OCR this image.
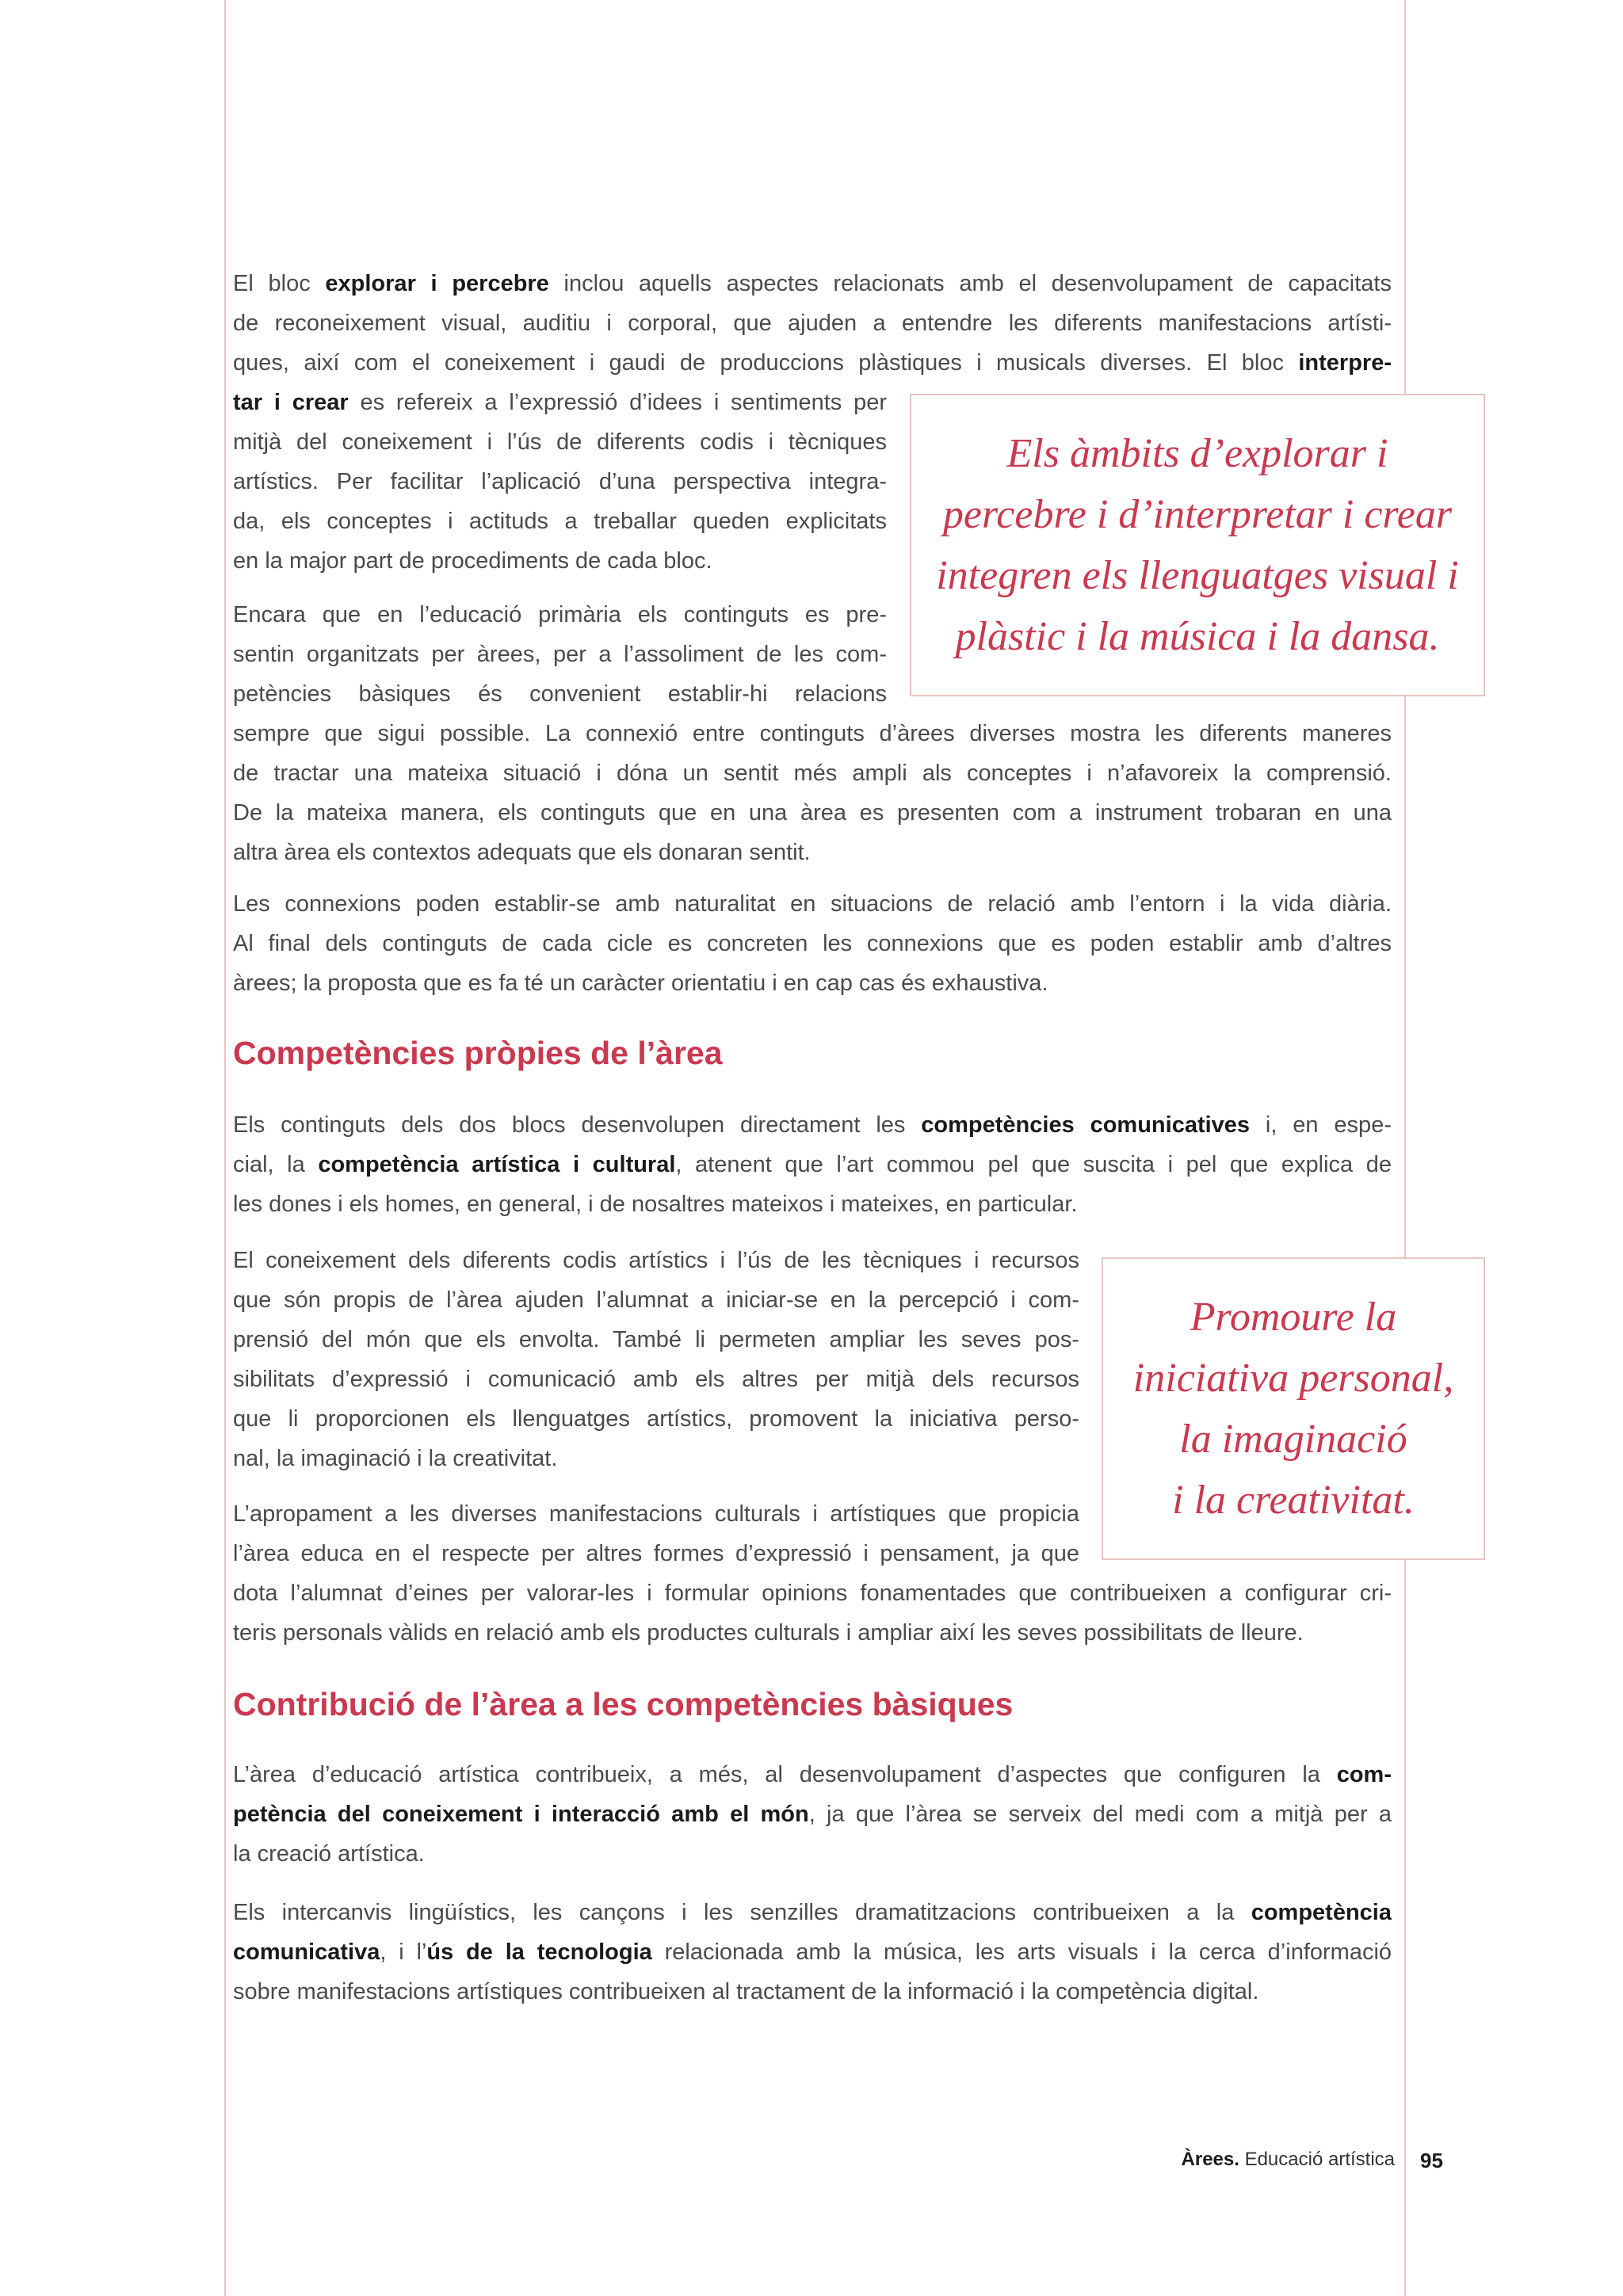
El bloc explorar i percebre inclou aquells aspectes relacionats amb el desenvolupament de capacitats
de reconeixement visual, auditiu i corporal, que ajuden a entendre les diferents manifestacions artísti-
ques, així com el coneixement i gaudi de produccions plàstiques i musicals diverses. El bloc interpre-
tar i crear es refereix a l’expressió d’idees i sentiments per
mitjà del coneixement i l’ús de diferents codis i tècniques
artístics. Per facilitar l’aplicació d’una perspectiva integra-
da, els conceptes i actituds a treballar queden explicitats
en la major part de procediments de cada bloc.
Encara que en l’educació primària els continguts es pre-
sentin organitzats per àrees, per a l’assoliment de les com-
petències bàsiques és convenient establir-hi relacions
sempre que sigui possible. La connexió entre continguts d’àrees diverses mostra les diferents maneres
de tractar una mateixa situació i dóna un sentit més ampli als conceptes i n’afavoreix la comprensió.
De la mateixa manera, els continguts que en una àrea es presenten com a instrument trobaran en una
altra àrea els contextos adequats que els donaran sentit.
Els àmbits d’explorar i
percebre i d’interpretar i crear
integren els llenguatges visual i
plàstic i la música i la dansa.
Les connexions poden establir-se amb naturalitat en situacions de relació amb l’entorn i la vida diària.
Al final dels continguts de cada cicle es concreten les connexions que es poden establir amb d’altres
àrees; la proposta que es fa té un caràcter orientatiu i en cap cas és exhaustiva.
Competències pròpies de l’àrea
Els continguts dels dos blocs desenvolupen directament les competències comunicatives i, en espe-
cial, la competència artística i cultural, atenent que l’art commou pel que suscita i pel que explica de
les dones i els homes, en general, i de nosaltres mateixos i mateixes, en particular.
El coneixement dels diferents codis artístics i l’ús de les tècniques i recursos
que són propis de l’àrea ajuden l’alumnat a iniciar-se en la percepció i com-
prensió del món que els envolta. També li permeten ampliar les seves pos-
sibilitats d’expressió i comunicació amb els altres per mitjà dels recursos
que li proporcionen els llenguatges artístics, promovent la iniciativa perso-
nal, la imaginació i la creativitat.
L’apropament a les diverses manifestacions culturals i artístiques que propicia
l’àrea educa en el respecte per altres formes d’expressió i pensament, ja que
dota l’alumnat d’eines per valorar-les i formular opinions fonamentades que contribueixen a configurar cri-
teris personals vàlids en relació amb els productes culturals i ampliar així les seves possibilitats de lleure.
Promoure la
iniciativa personal,
la imaginació
i la creativitat.
Contribució de l’àrea a les competències bàsiques
L’àrea d’educació artística contribueix, a més, al desenvolupament d’aspectes que configuren la com-
petència del coneixement i interacció amb el món, ja que l’àrea se serveix del medi com a mitjà per a
la creació artística.
Els intercanvis lingüístics, les cançons i les senzilles dramatitzacions contribueixen a la competència
comunicativa, i l’ús de la tecnologia relacionada amb la música, les arts visuals i la cerca d’informació
sobre manifestacions artístiques contribueixen al tractament de la informació i la competència digital.
Àrees. Educació artística 95
